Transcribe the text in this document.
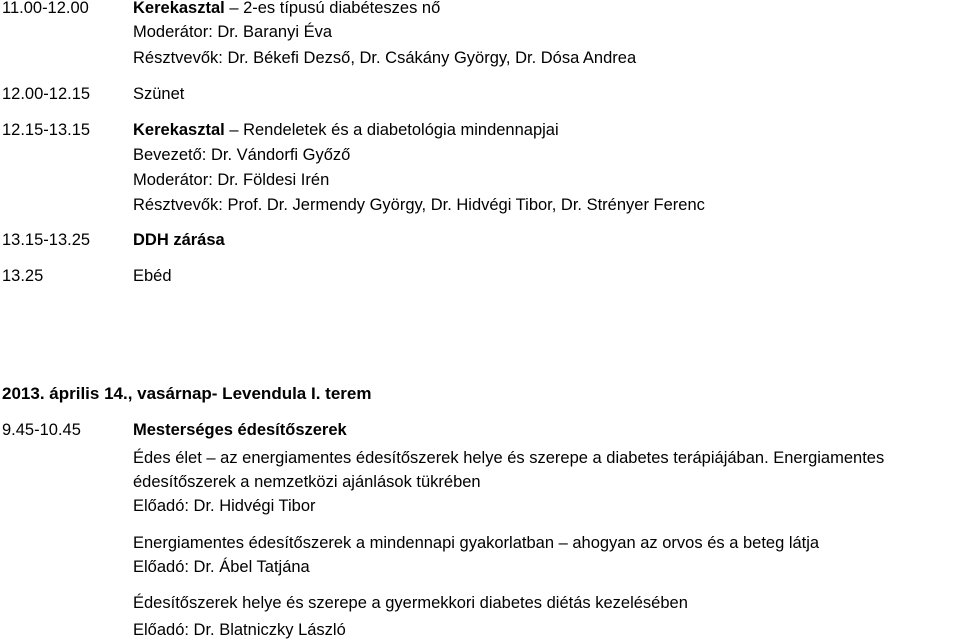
11.00-12.00	Kerekasztal – 2-es típusú diabéteszes nő
Moderátor: Dr. Baranyi Éva
Résztvevők: Dr. Békefi Dezső, Dr. Csákány György, Dr. Dósa Andrea
12.00-12.15	Szünet
12.15-13.15	Kerekasztal – Rendeletek és a diabetológia mindennapjai
Bevezető: Dr. Vándorfi Győző
Moderátor: Dr. Földesi Irén
Résztvevők: Prof. Dr. Jermendy György, Dr. Hidvégi Tibor, Dr. Strényer Ferenc
13.15-13.25	DDH zárása
13.25	Ebéd
2013. április 14., vasárnap- Levendula I. terem
9.45-10.45	Mesterséges édesítőszerek
Édes élet – az energiamentes édesítőszerek helye és szerepe a diabetes terápiájában. Energiamentes
édesítőszerek a nemzetközi ajánlások tükrében
Előadó: Dr. Hidvégi Tibor
Energiamentes édesítőszerek a mindennapi gyakorlatban – ahogyan az orvos és a beteg látja
Előadó: Dr. Ábel Tatjána
Édesítőszerek helye és szerepe a gyermekkori diabetes diétás kezelésében
Előadó: Dr. Blatniczky László
